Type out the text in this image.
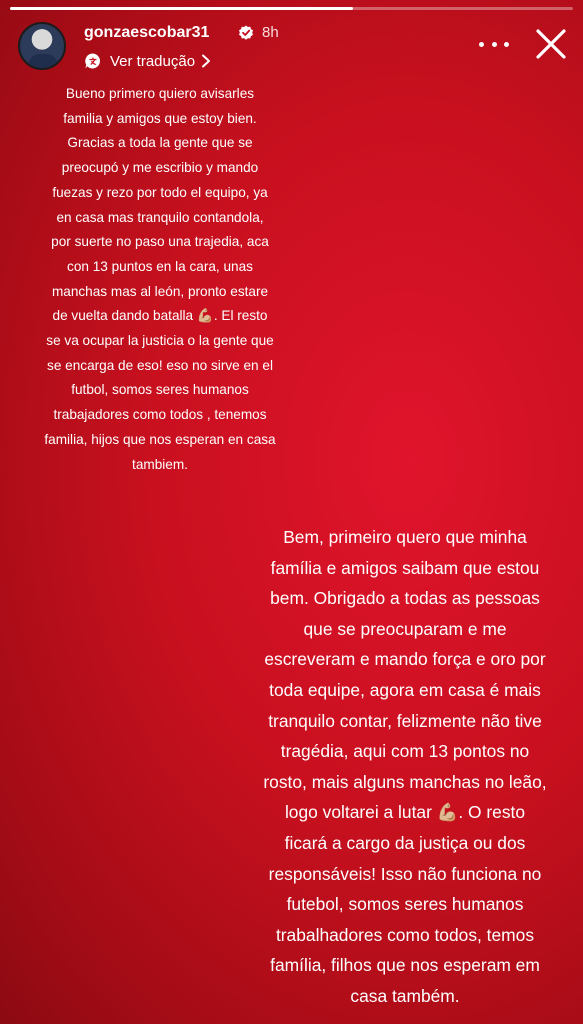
gonzaescobar31	8h
Ver tradução
Bueno primero quiero avisarles
familia y amigos que estoy bien.
Gracias a toda la gente que se
preocupó y me escribio y mando
fuezas y rezo por todo el equipo, ya
en casa mas tranquilo contandola,
por suerte no paso una trajedia, aca
con 13 puntos en la cara, unas
manchas mas al león, pronto estare
de vuelta dando batalla 💪🏼. El resto
se va ocupar la justicia o la gente que
se encarga de eso! eso no sirve en el
futbol, somos seres humanos
trabajadores como todos , tenemos
familia, hijos que nos esperan en casa
tambiem.
Bem, primeiro quero que minha
família e amigos saibam que estou
bem. Obrigado a todas as pessoas
que se preocuparam e me
escreveram e mando força e oro por
toda equipe, agora em casa é mais
tranquilo contar, felizmente não tive
tragédia, aqui com 13 pontos no
rosto, mais alguns manchas no leão,
logo voltarei a lutar 💪🏼. O resto
ficará a cargo da justiça ou dos
responsáveis! Isso não funciona no
futebol, somos seres humanos
trabalhadores como todos, temos
família, filhos que nos esperam em
casa também.
